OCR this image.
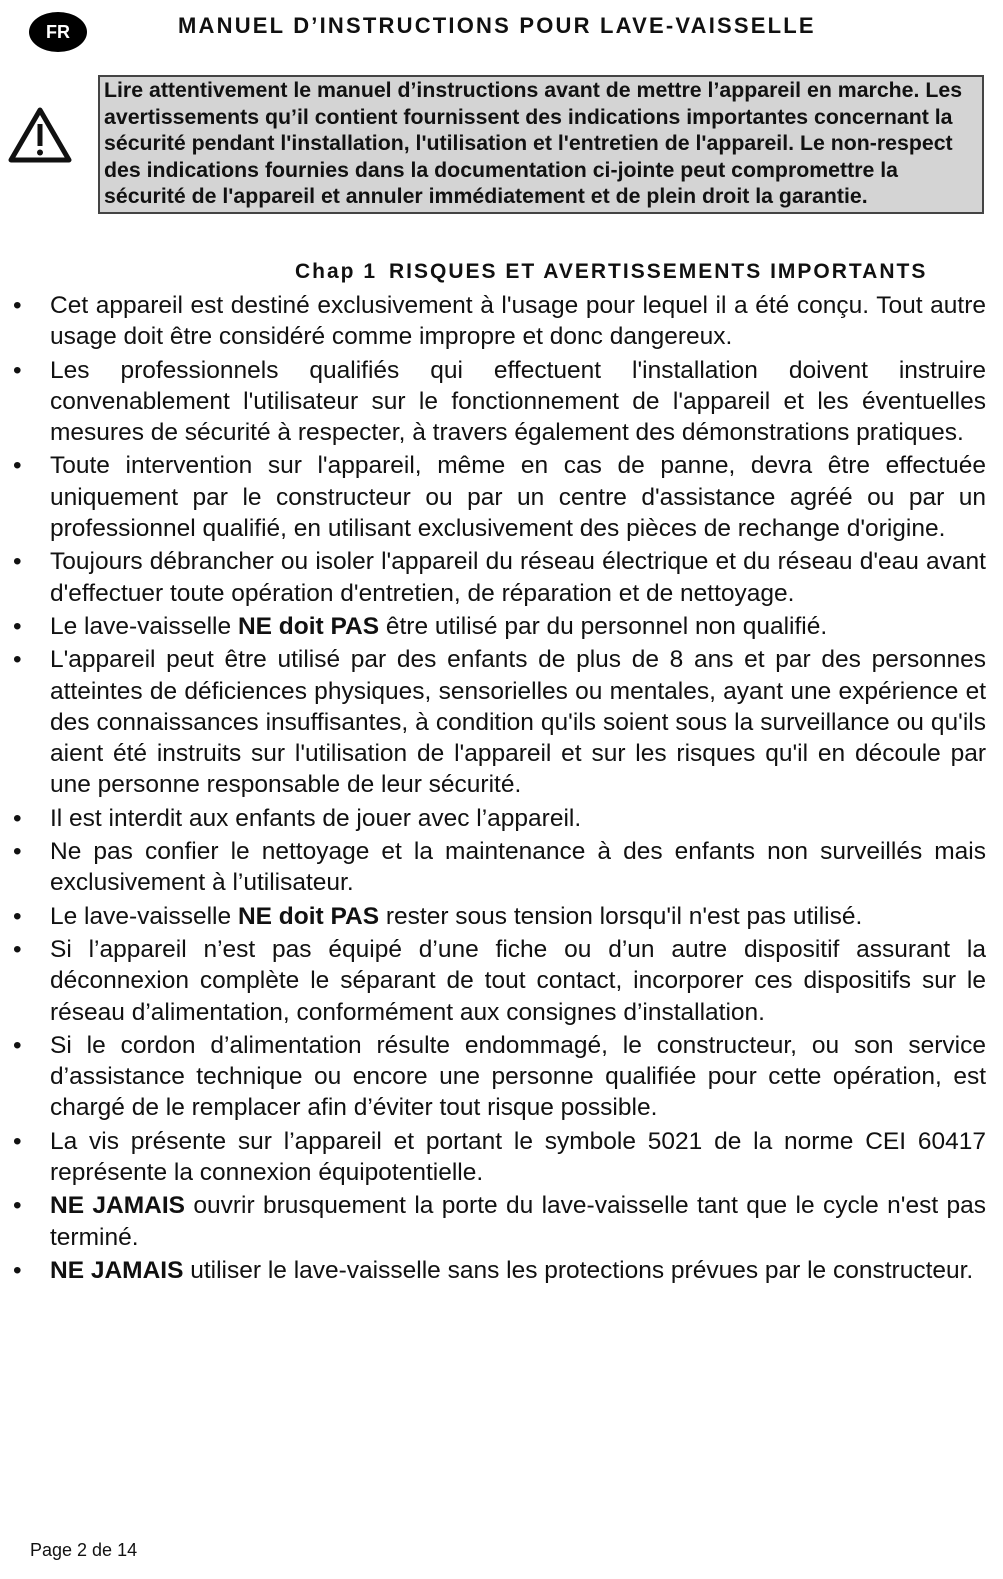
FR	MANUEL D’INSTRUCTIONS POUR LAVE-VAISSELLE
Lire attentivement le manuel d’instructions avant de mettre l’appareil en marche. Les avertissements qu’il contient fournissent des indications importantes concernant la sécurité pendant l'installation, l'utilisation et l'entretien de l'appareil. Le non-respect des indications fournies dans la documentation ci-jointe peut compromettre la sécurité de l'appareil et annuler immédiatement et de plein droit la garantie.
Chap 1 RISQUES ET AVERTISSEMENTS IMPORTANTS
• Cet appareil est destiné exclusivement à l'usage pour lequel il a été conçu. Tout autre usage doit être considéré comme impropre et donc dangereux.
• Les professionnels qualifiés qui effectuent l'installation doivent instruire convenablement l'utilisateur sur le fonctionnement de l'appareil et les éventuelles mesures de sécurité à respecter, à travers également des démonstrations pratiques.
• Toute intervention sur l'appareil, même en cas de panne, devra être effectuée uniquement par le constructeur ou par un centre d'assistance agréé ou par un professionnel qualifié, en utilisant exclusivement des pièces de rechange d'origine.
• Toujours débrancher ou isoler l'appareil du réseau électrique et du réseau d'eau avant d'effectuer toute opération d'entretien, de réparation et de nettoyage.
• Le lave-vaisselle NE doit PAS être utilisé par du personnel non qualifié.
• L'appareil peut être utilisé par des enfants de plus de 8 ans et par des personnes atteintes de déficiences physiques, sensorielles ou mentales, ayant une expérience et des connaissances insuffisantes, à condition qu'ils soient sous la surveillance ou qu'ils aient été instruits sur l'utilisation de l'appareil et sur les risques qu'il en découle par une personne responsable de leur sécurité.
• Il est interdit aux enfants de jouer avec l’appareil.
• Ne pas confier le nettoyage et la maintenance à des enfants non surveillés mais exclusivement à l’utilisateur.
• Le lave-vaisselle NE doit PAS rester sous tension lorsqu'il n'est pas utilisé.
• Si l’appareil n’est pas équipé d’une fiche ou d’un autre dispositif assurant la déconnexion complète le séparant de tout contact, incorporer ces dispositifs sur le réseau d’alimentation, conformément aux consignes d’installation.
• Si le cordon d’alimentation résulte endommagé, le constructeur, ou son service d’assistance technique ou encore une personne qualifiée pour cette opération, est chargé de le remplacer afin d’éviter tout risque possible.
• La vis présente sur l’appareil et portant le symbole 5021 de la norme CEI 60417 représente la connexion équipotentielle.
• NE JAMAIS ouvrir brusquement la porte du lave-vaisselle tant que le cycle n'est pas terminé.
• NE JAMAIS utiliser le lave-vaisselle sans les protections prévues par le constructeur.
Page 2 de 14
